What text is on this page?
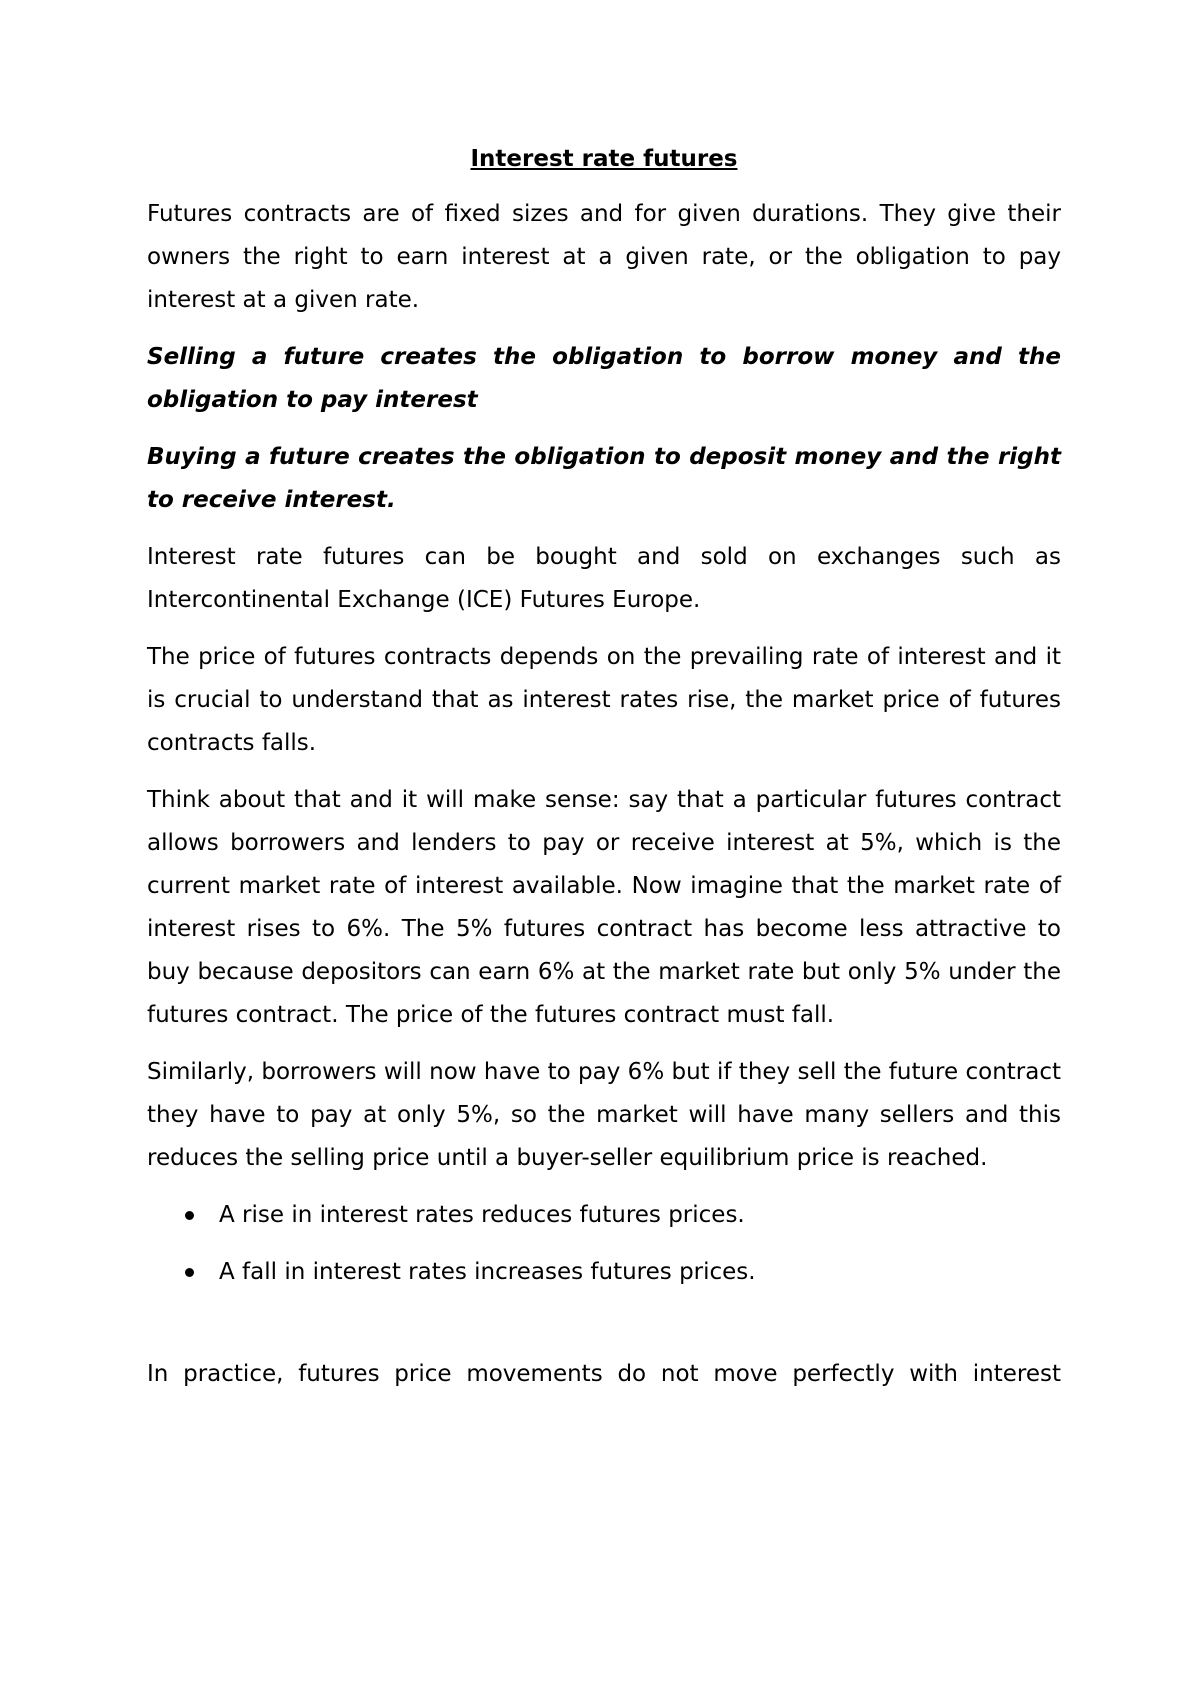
Interest rate futures

Futures contracts are of fixed sizes and for given durations. They give their owners the right to earn interest at a given rate, or the obligation to pay interest at a given rate.

Selling a future creates the obligation to borrow money and the obligation to pay interest

Buying a future creates the obligation to deposit money and the right to receive interest.

Interest rate futures can be bought and sold on exchanges such as Intercontinental Exchange (ICE) Futures Europe.

The price of futures contracts depends on the prevailing rate of interest and it is crucial to understand that as interest rates rise, the market price of futures contracts falls.

Think about that and it will make sense: say that a particular futures contract allows borrowers and lenders to pay or receive interest at 5%, which is the current market rate of interest available. Now imagine that the market rate of interest rises to 6%. The 5% futures contract has become less attractive to buy because depositors can earn 6% at the market rate but only 5% under the futures contract. The price of the futures contract must fall.

Similarly, borrowers will now have to pay 6% but if they sell the future contract they have to pay at only 5%, so the market will have many sellers and this reduces the selling price until a buyer-seller equilibrium price is reached.

A rise in interest rates reduces futures prices.
A fall in interest rates increases futures prices.

In practice, futures price movements do not move perfectly with interest
